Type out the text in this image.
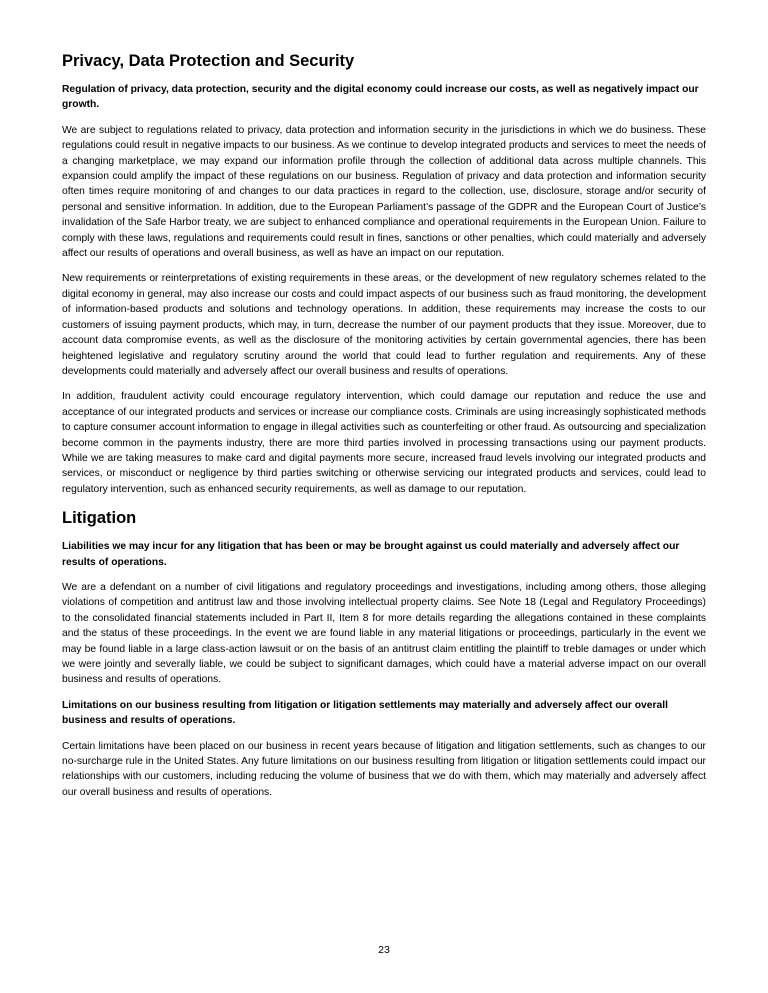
Privacy, Data Protection and Security

Regulation of privacy, data protection, security and the digital economy could increase our costs, as well as negatively impact our growth.

We are subject to regulations related to privacy, data protection and information security in the jurisdictions in which we do business. These regulations could result in negative impacts to our business. As we continue to develop integrated products and services to meet the needs of a changing marketplace, we may expand our information profile through the collection of additional data across multiple channels. This expansion could amplify the impact of these regulations on our business. Regulation of privacy and data protection and information security often times require monitoring of and changes to our data practices in regard to the collection, use, disclosure, storage and/or security of personal and sensitive information. In addition, due to the European Parliament’s passage of the GDPR and the European Court of Justice’s invalidation of the Safe Harbor treaty, we are subject to enhanced compliance and operational requirements in the European Union. Failure to comply with these laws, regulations and requirements could result in fines, sanctions or other penalties, which could materially and adversely affect our results of operations and overall business, as well as have an impact on our reputation.

New requirements or reinterpretations of existing requirements in these areas, or the development of new regulatory schemes related to the digital economy in general, may also increase our costs and could impact aspects of our business such as fraud monitoring, the development of information-based products and solutions and technology operations. In addition, these requirements may increase the costs to our customers of issuing payment products, which may, in turn, decrease the number of our payment products that they issue. Moreover, due to account data compromise events, as well as the disclosure of the monitoring activities by certain governmental agencies, there has been heightened legislative and regulatory scrutiny around the world that could lead to further regulation and requirements. Any of these developments could materially and adversely affect our overall business and results of operations.

In addition, fraudulent activity could encourage regulatory intervention, which could damage our reputation and reduce the use and acceptance of our integrated products and services or increase our compliance costs. Criminals are using increasingly sophisticated methods to capture consumer account information to engage in illegal activities such as counterfeiting or other fraud. As outsourcing and specialization become common in the payments industry, there are more third parties involved in processing transactions using our payment products. While we are taking measures to make card and digital payments more secure, increased fraud levels involving our integrated products and services, or misconduct or negligence by third parties switching or otherwise servicing our integrated products and services, could lead to regulatory intervention, such as enhanced security requirements, as well as damage to our reputation.

Litigation

Liabilities we may incur for any litigation that has been or may be brought against us could materially and adversely affect our results of operations.

We are a defendant on a number of civil litigations and regulatory proceedings and investigations, including among others, those alleging violations of competition and antitrust law and those involving intellectual property claims. See Note 18 (Legal and Regulatory Proceedings) to the consolidated financial statements included in Part II, Item 8 for more details regarding the allegations contained in these complaints and the status of these proceedings. In the event we are found liable in any material litigations or proceedings, particularly in the event we may be found liable in a large class-action lawsuit or on the basis of an antitrust claim entitling the plaintiff to treble damages or under which we were jointly and severally liable, we could be subject to significant damages, which could have a material adverse impact on our overall business and results of operations.

Limitations on our business resulting from litigation or litigation settlements may materially and adversely affect our overall business and results of operations.

Certain limitations have been placed on our business in recent years because of litigation and litigation settlements, such as changes to our no-surcharge rule in the United States. Any future limitations on our business resulting from litigation or litigation settlements could impact our relationships with our customers, including reducing the volume of business that we do with them, which may materially and adversely affect our overall business and results of operations.

23
